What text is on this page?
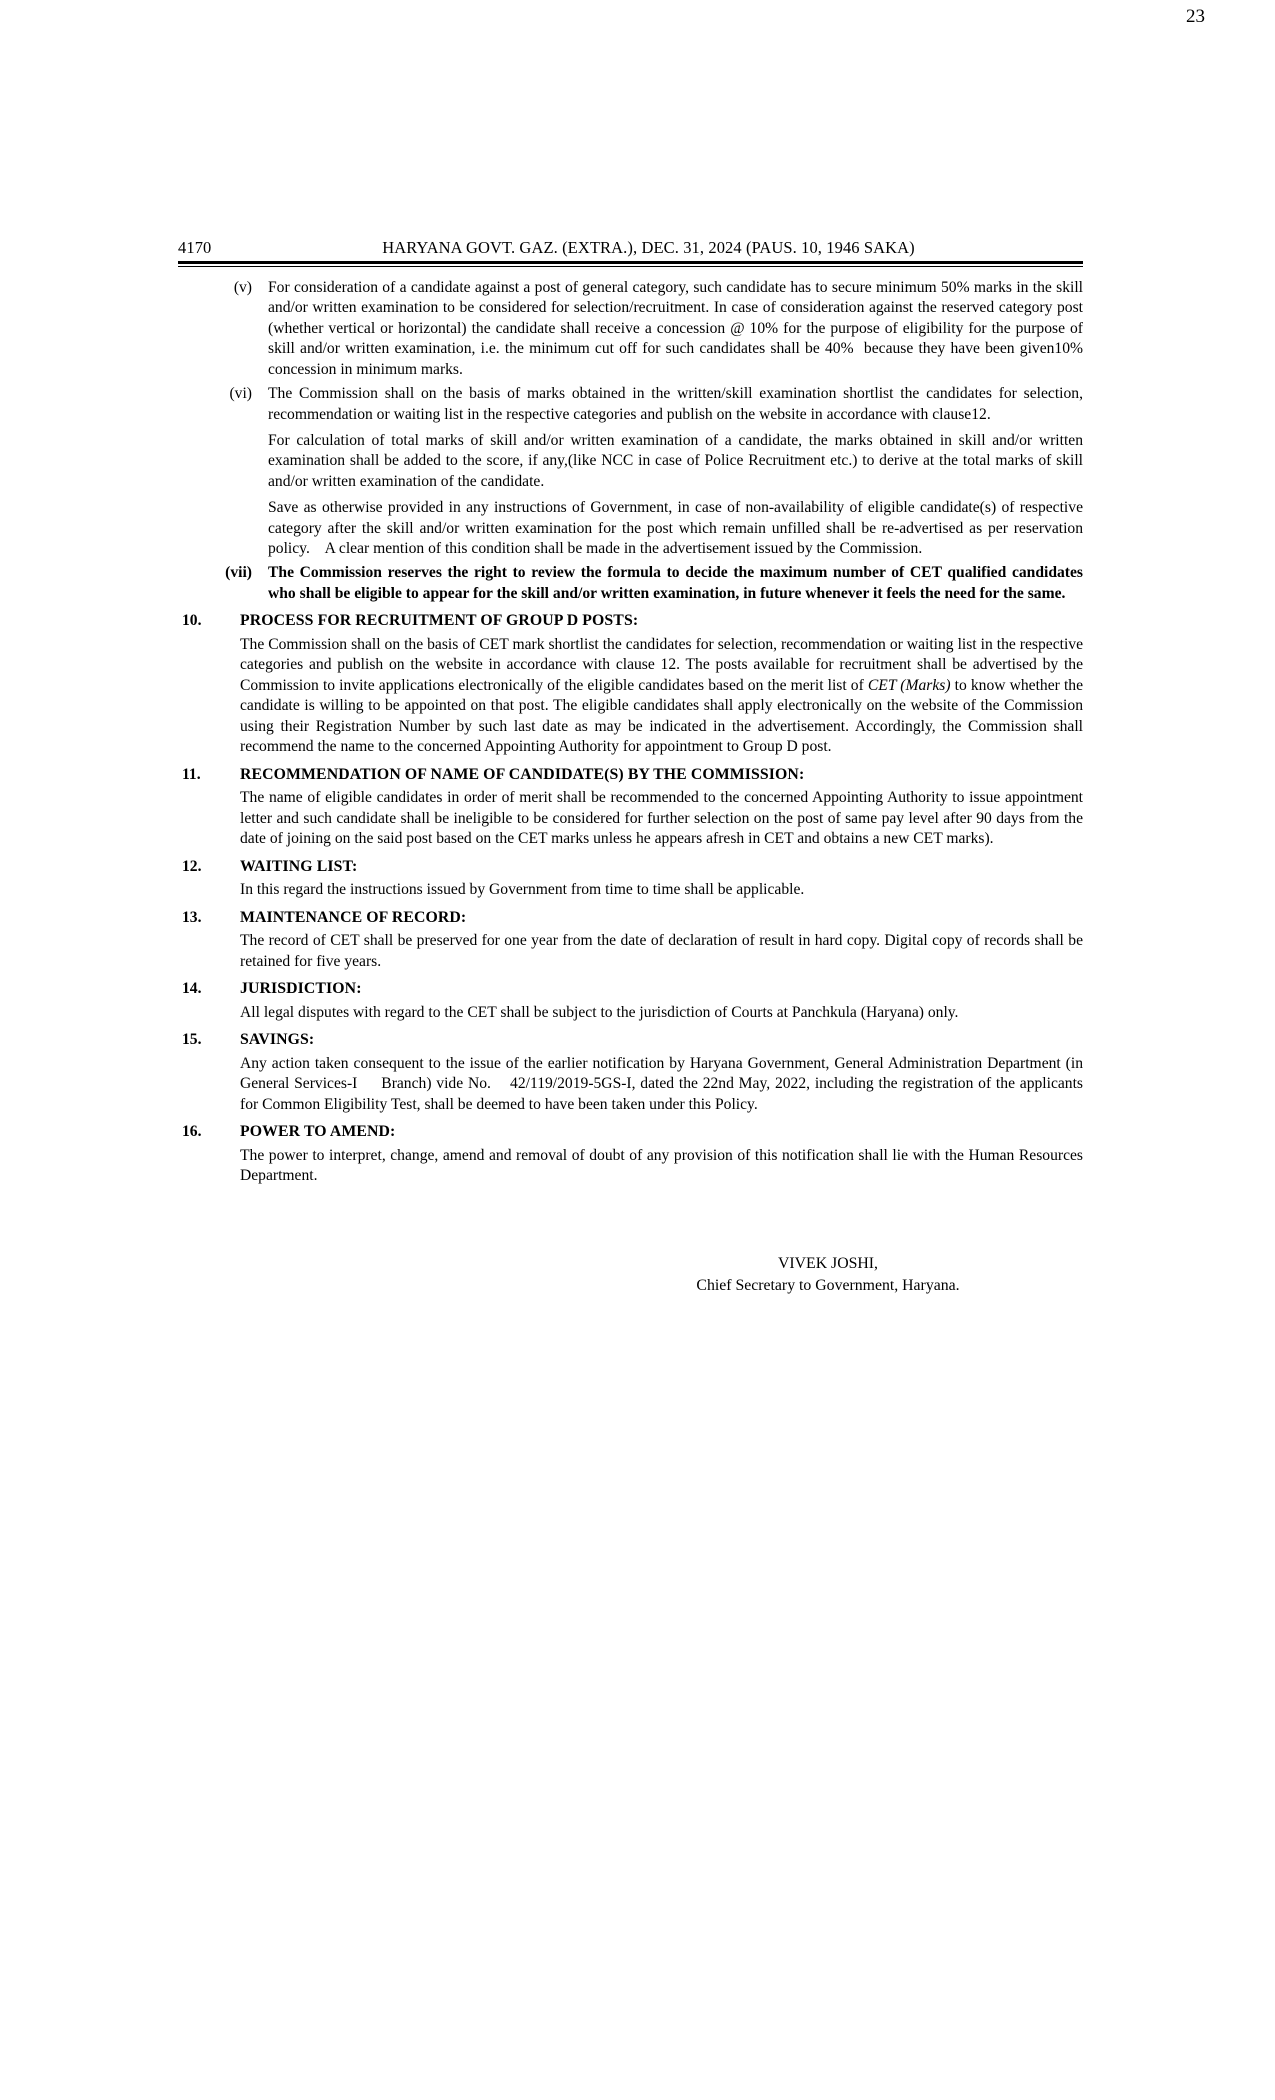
23
4170	HARYANA GOVT. GAZ. (EXTRA.), DEC. 31, 2024 (PAUS. 10, 1946 SAKA)
(v)	For consideration of a candidate against a post of general category, such candidate has to secure minimum 50% marks in the skill and/or written examination to be considered for selection/recruitment. In case of consideration against the reserved category post (whether vertical or horizontal) the candidate shall receive a concession @ 10% for the purpose of eligibility for the purpose of skill and/or written examination, i.e. the minimum cut off for such candidates shall be 40%  because they have been given10% concession in minimum marks.

(vi)	The Commission shall on the basis of marks obtained in the written/skill examination shortlist the candidates for selection, recommendation or waiting list in the respective categories and publish on the website in accordance with clause12.

For calculation of total marks of skill and/or written examination of a candidate, the marks obtained in skill and/or written examination shall be added to the score, if any,(like NCC in case of Police Recruitment etc.) to derive at the total marks of skill and/or written examination of the candidate.

Save as otherwise provided in any instructions of Government, in case of non-availability of eligible candidate(s) of respective category after the skill and/or written examination for the post which remain unfilled shall be re-advertised as per reservation policy.    A clear mention of this condition shall be made in the advertisement issued by the Commission.

(vii)	The Commission reserves the right to review the formula to decide the maximum number of CET qualified candidates who shall be eligible to appear for the skill and/or written examination, in future whenever it feels the need for the same.

10.	PROCESS FOR RECRUITMENT OF GROUP D POSTS:

The Commission shall on the basis of CET mark shortlist the candidates for selection, recommendation or waiting list in the respective categories and publish on the website in accordance with clause 12. The posts available for recruitment shall be advertised by the Commission to invite applications electronically of the eligible candidates based on the merit list of CET (Marks) to know whether the candidate is willing to be appointed on that post. The eligible candidates shall apply electronically on the website of the Commission using their Registration Number by such last date as may be indicated in the advertisement. Accordingly, the Commission shall recommend the name to the concerned Appointing Authority for appointment to Group D post.

11.	RECOMMENDATION OF NAME OF CANDIDATE(S) BY THE COMMISSION:

The name of eligible candidates in order of merit shall be recommended to the concerned Appointing Authority to issue appointment letter and such candidate shall be ineligible to be considered for further selection on the post of same pay level after 90 days from the date of joining on the said post based on the CET marks unless he appears afresh in CET and obtains a new CET marks).

12.	WAITING LIST:

In this regard the instructions issued by Government from time to time shall be applicable.

13.	MAINTENANCE OF RECORD:

The record of CET shall be preserved for one year from the date of declaration of result in hard copy. Digital copy of records shall be retained for five years.

14.	JURISDICTION:

All legal disputes with regard to the CET shall be subject to the jurisdiction of Courts at Panchkula (Haryana) only.

15.	SAVINGS:

Any action taken consequent to the issue of the earlier notification by Haryana Government, General Administration Department (in General Services-I     Branch) vide No.    42/119/2019-5GS-I, dated the 22nd May, 2022, including the registration of the applicants for Common Eligibility Test, shall be deemed to have been taken under this Policy.

16.	POWER TO AMEND:

The power to interpret, change, amend and removal of doubt of any provision of this notification shall lie with the Human Resources Department.

VIVEK JOSHI,
Chief Secretary to Government, Haryana.
